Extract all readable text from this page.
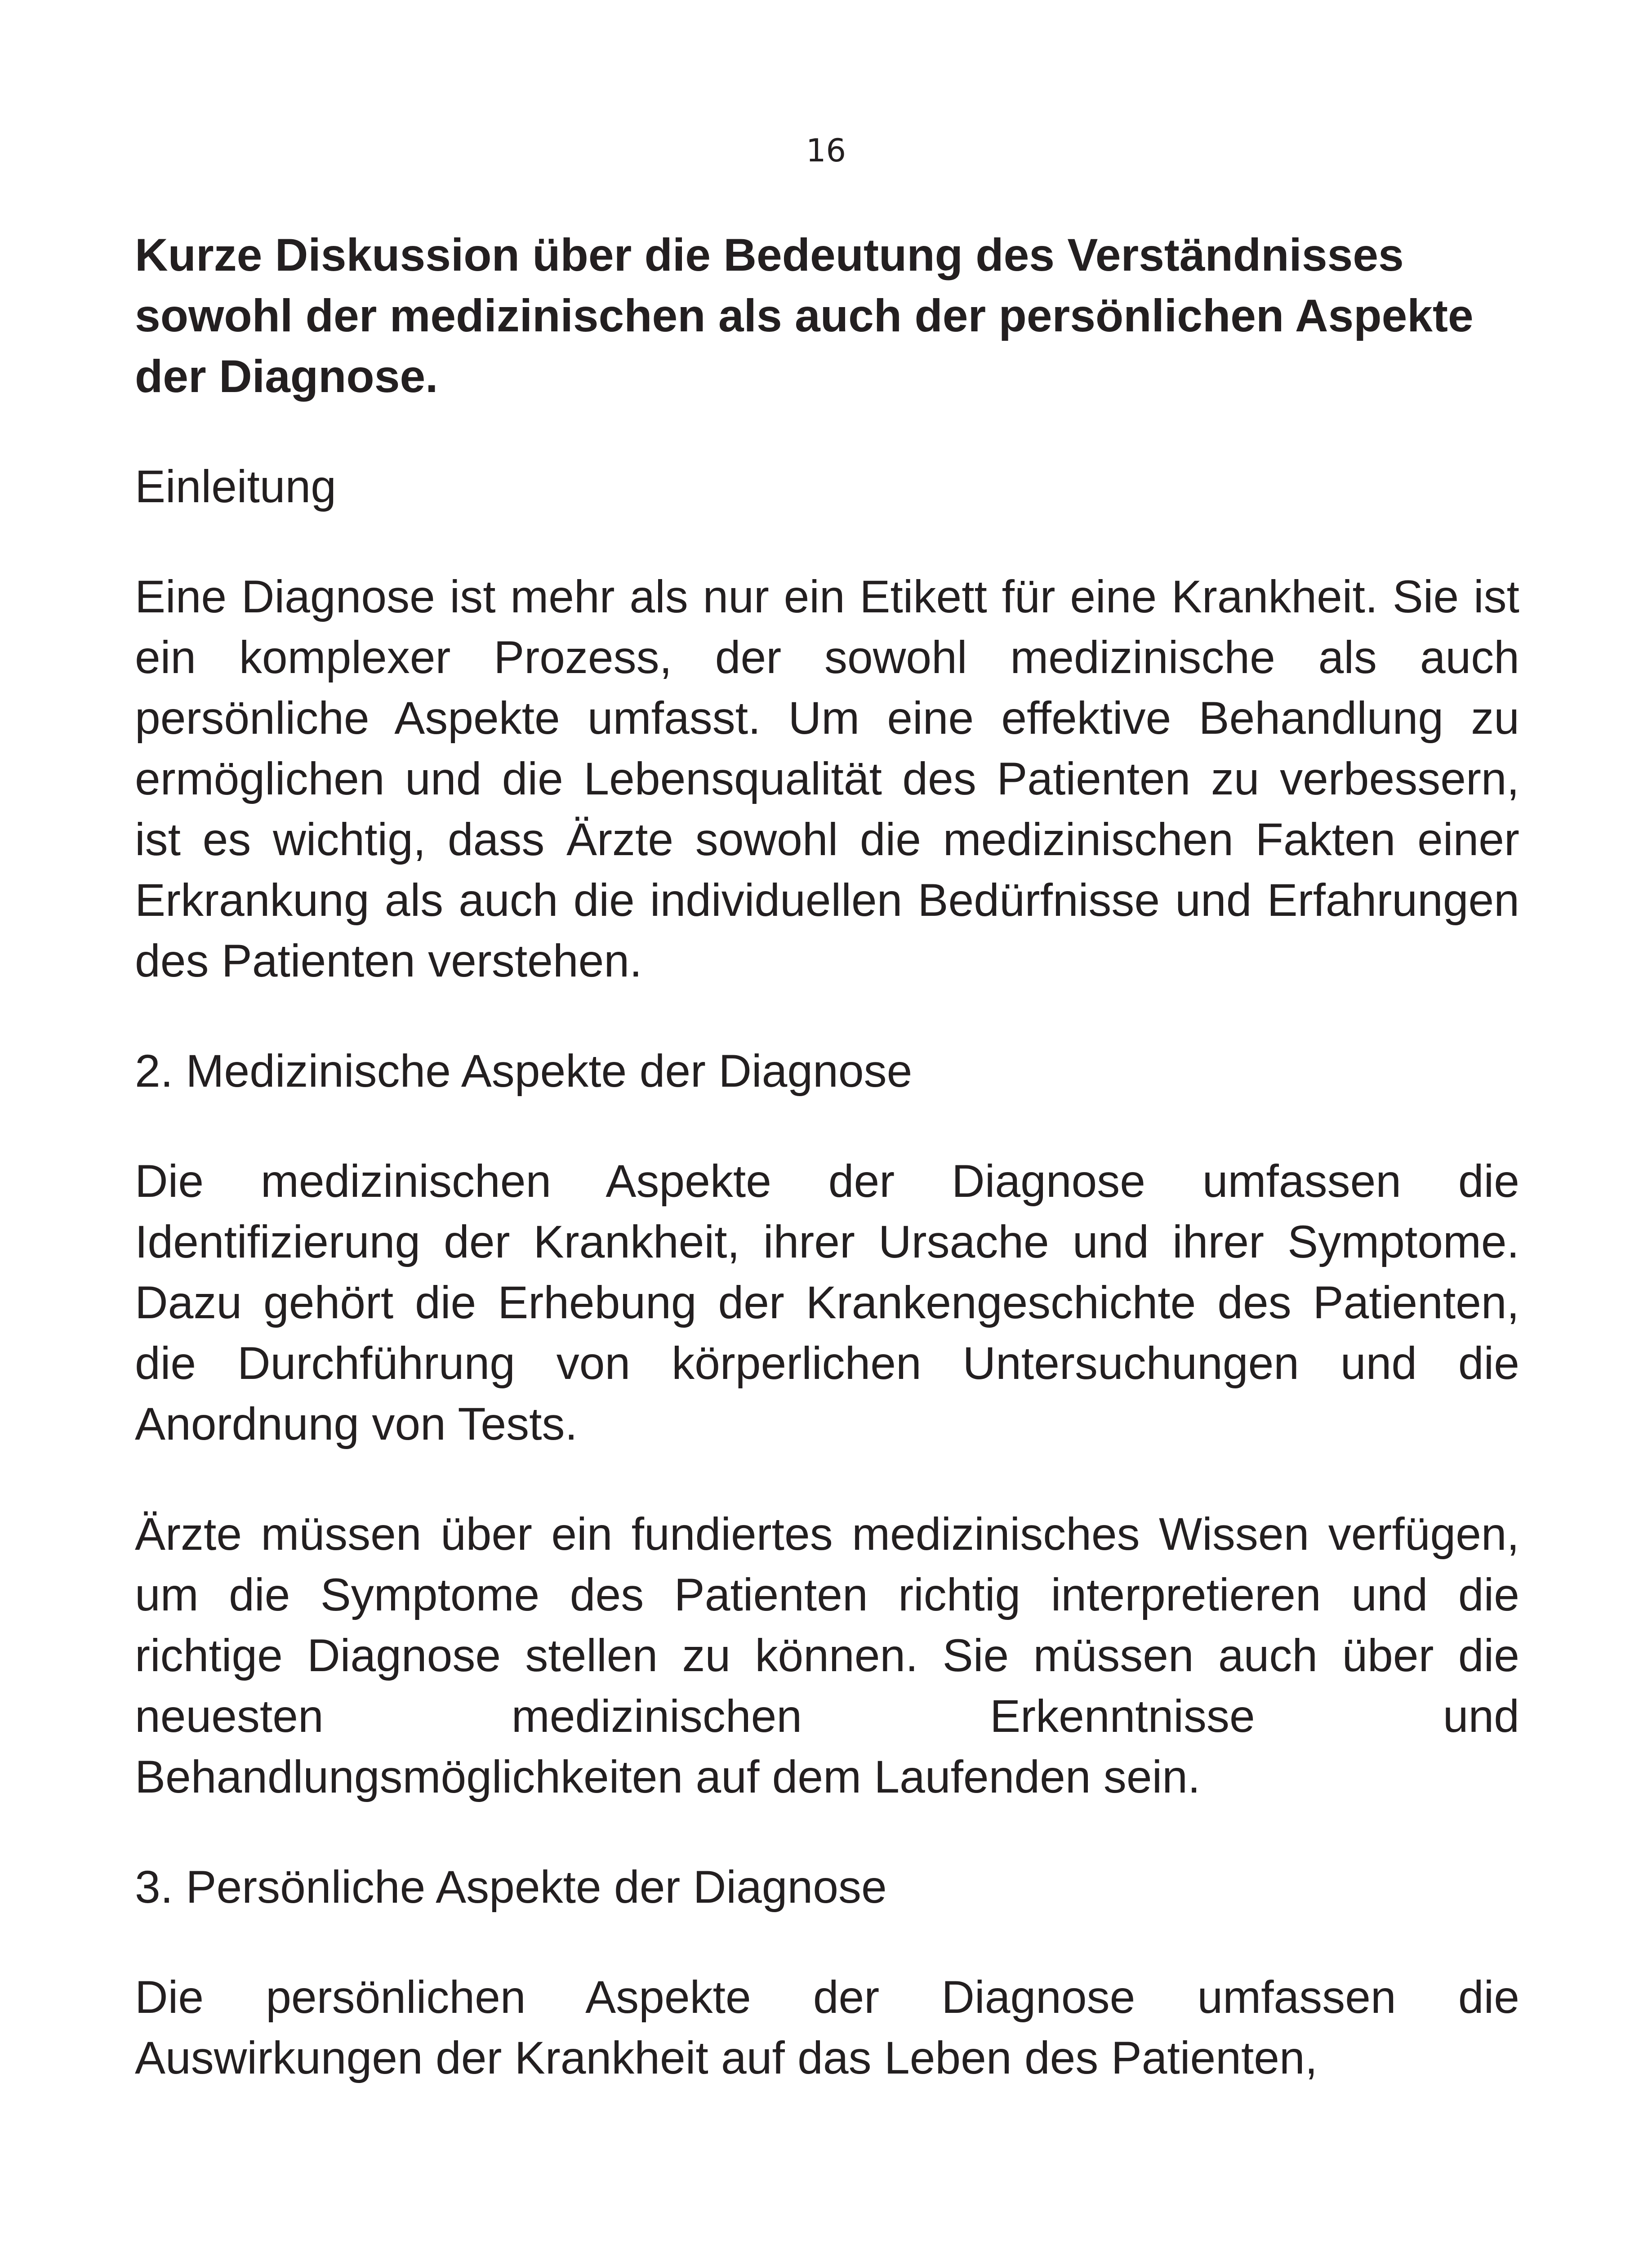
16

Kurze Diskussion über die Bedeutung des Verständnisses sowohl der medizinischen als auch der persönlichen Aspekte der Diagnose.

Einleitung

Eine Diagnose ist mehr als nur ein Etikett für eine Krankheit. Sie ist ein komplexer Prozess, der sowohl medizinische als auch persönliche Aspekte umfasst. Um eine effektive Behandlung zu ermöglichen und die Lebensqualität des Patienten zu verbessern, ist es wichtig, dass Ärzte sowohl die medizinischen Fakten einer Erkrankung als auch die individuellen Bedürfnisse und Erfahrungen des Patienten verstehen.

2. Medizinische Aspekte der Diagnose

Die medizinischen Aspekte der Diagnose umfassen die Identifizierung der Krankheit, ihrer Ursache und ihrer Symptome. Dazu gehört die Erhebung der Krankengeschichte des Patienten, die Durchführung von körperlichen Untersuchungen und die Anordnung von Tests.

Ärzte müssen über ein fundiertes medizinisches Wissen verfügen, um die Symptome des Patienten richtig interpretieren und die richtige Diagnose stellen zu können. Sie müssen auch über die neuesten medizinischen Erkenntnisse und Behandlungsmöglichkeiten auf dem Laufenden sein.

3. Persönliche Aspekte der Diagnose

Die persönlichen Aspekte der Diagnose umfassen die Auswirkungen der Krankheit auf das Leben des Patienten,
